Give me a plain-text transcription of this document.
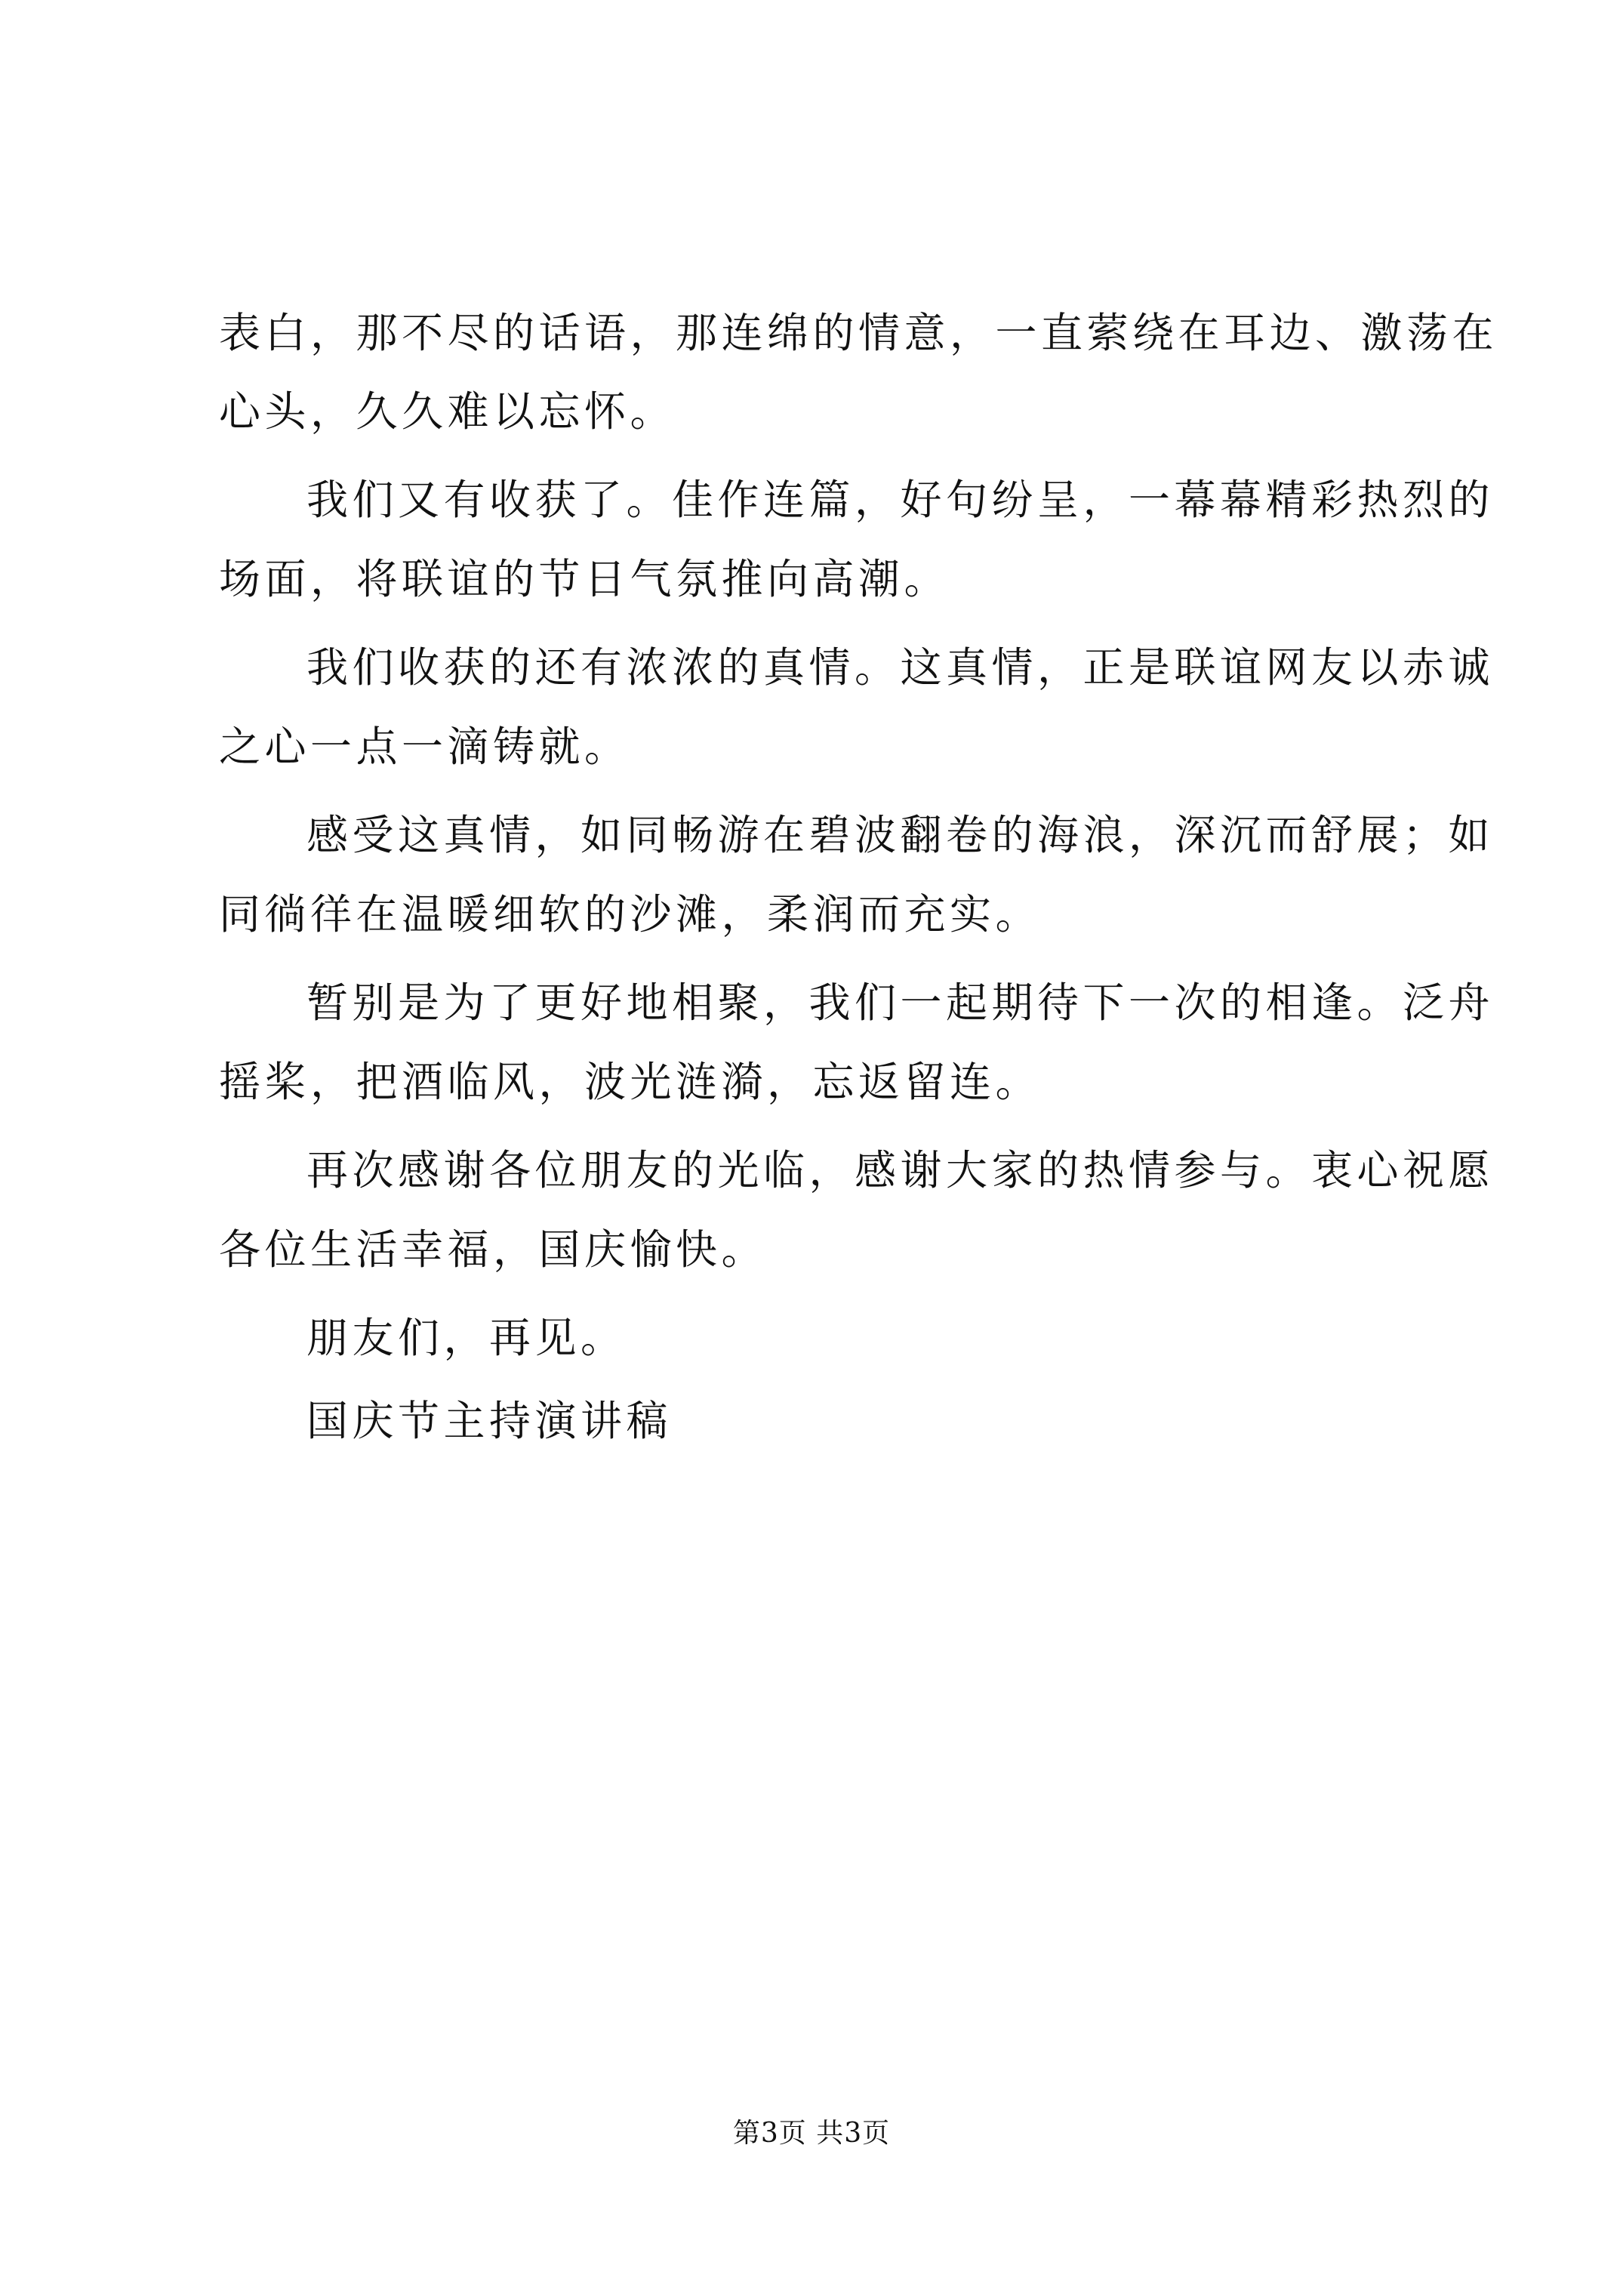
表白，那不尽的话语，那连绵的情意，一直萦绕在耳边、激荡在
心头，久久难以忘怀。
我们又有收获了。佳作连篇，好句纷呈，一幕幕精彩热烈的
场面，将联谊的节日气氛推向高潮。
我们收获的还有浓浓的真情。这真情，正是联谊网友以赤诚
之心一点一滴铸就。
感受这真情，如同畅游在碧波翻卷的海浪，深沉而舒展；如
同徜徉在温暖细软的沙滩，柔润而充实。
暂别是为了更好地相聚，我们一起期待下一次的相逢。泛舟
摇桨，把酒临风，波光涟漪，忘返留连。
再次感谢各位朋友的光临，感谢大家的热情参与。衷心祝愿
各位生活幸福，国庆愉快。
朋友们，再见。
国庆节主持演讲稿
第3页 共3页
